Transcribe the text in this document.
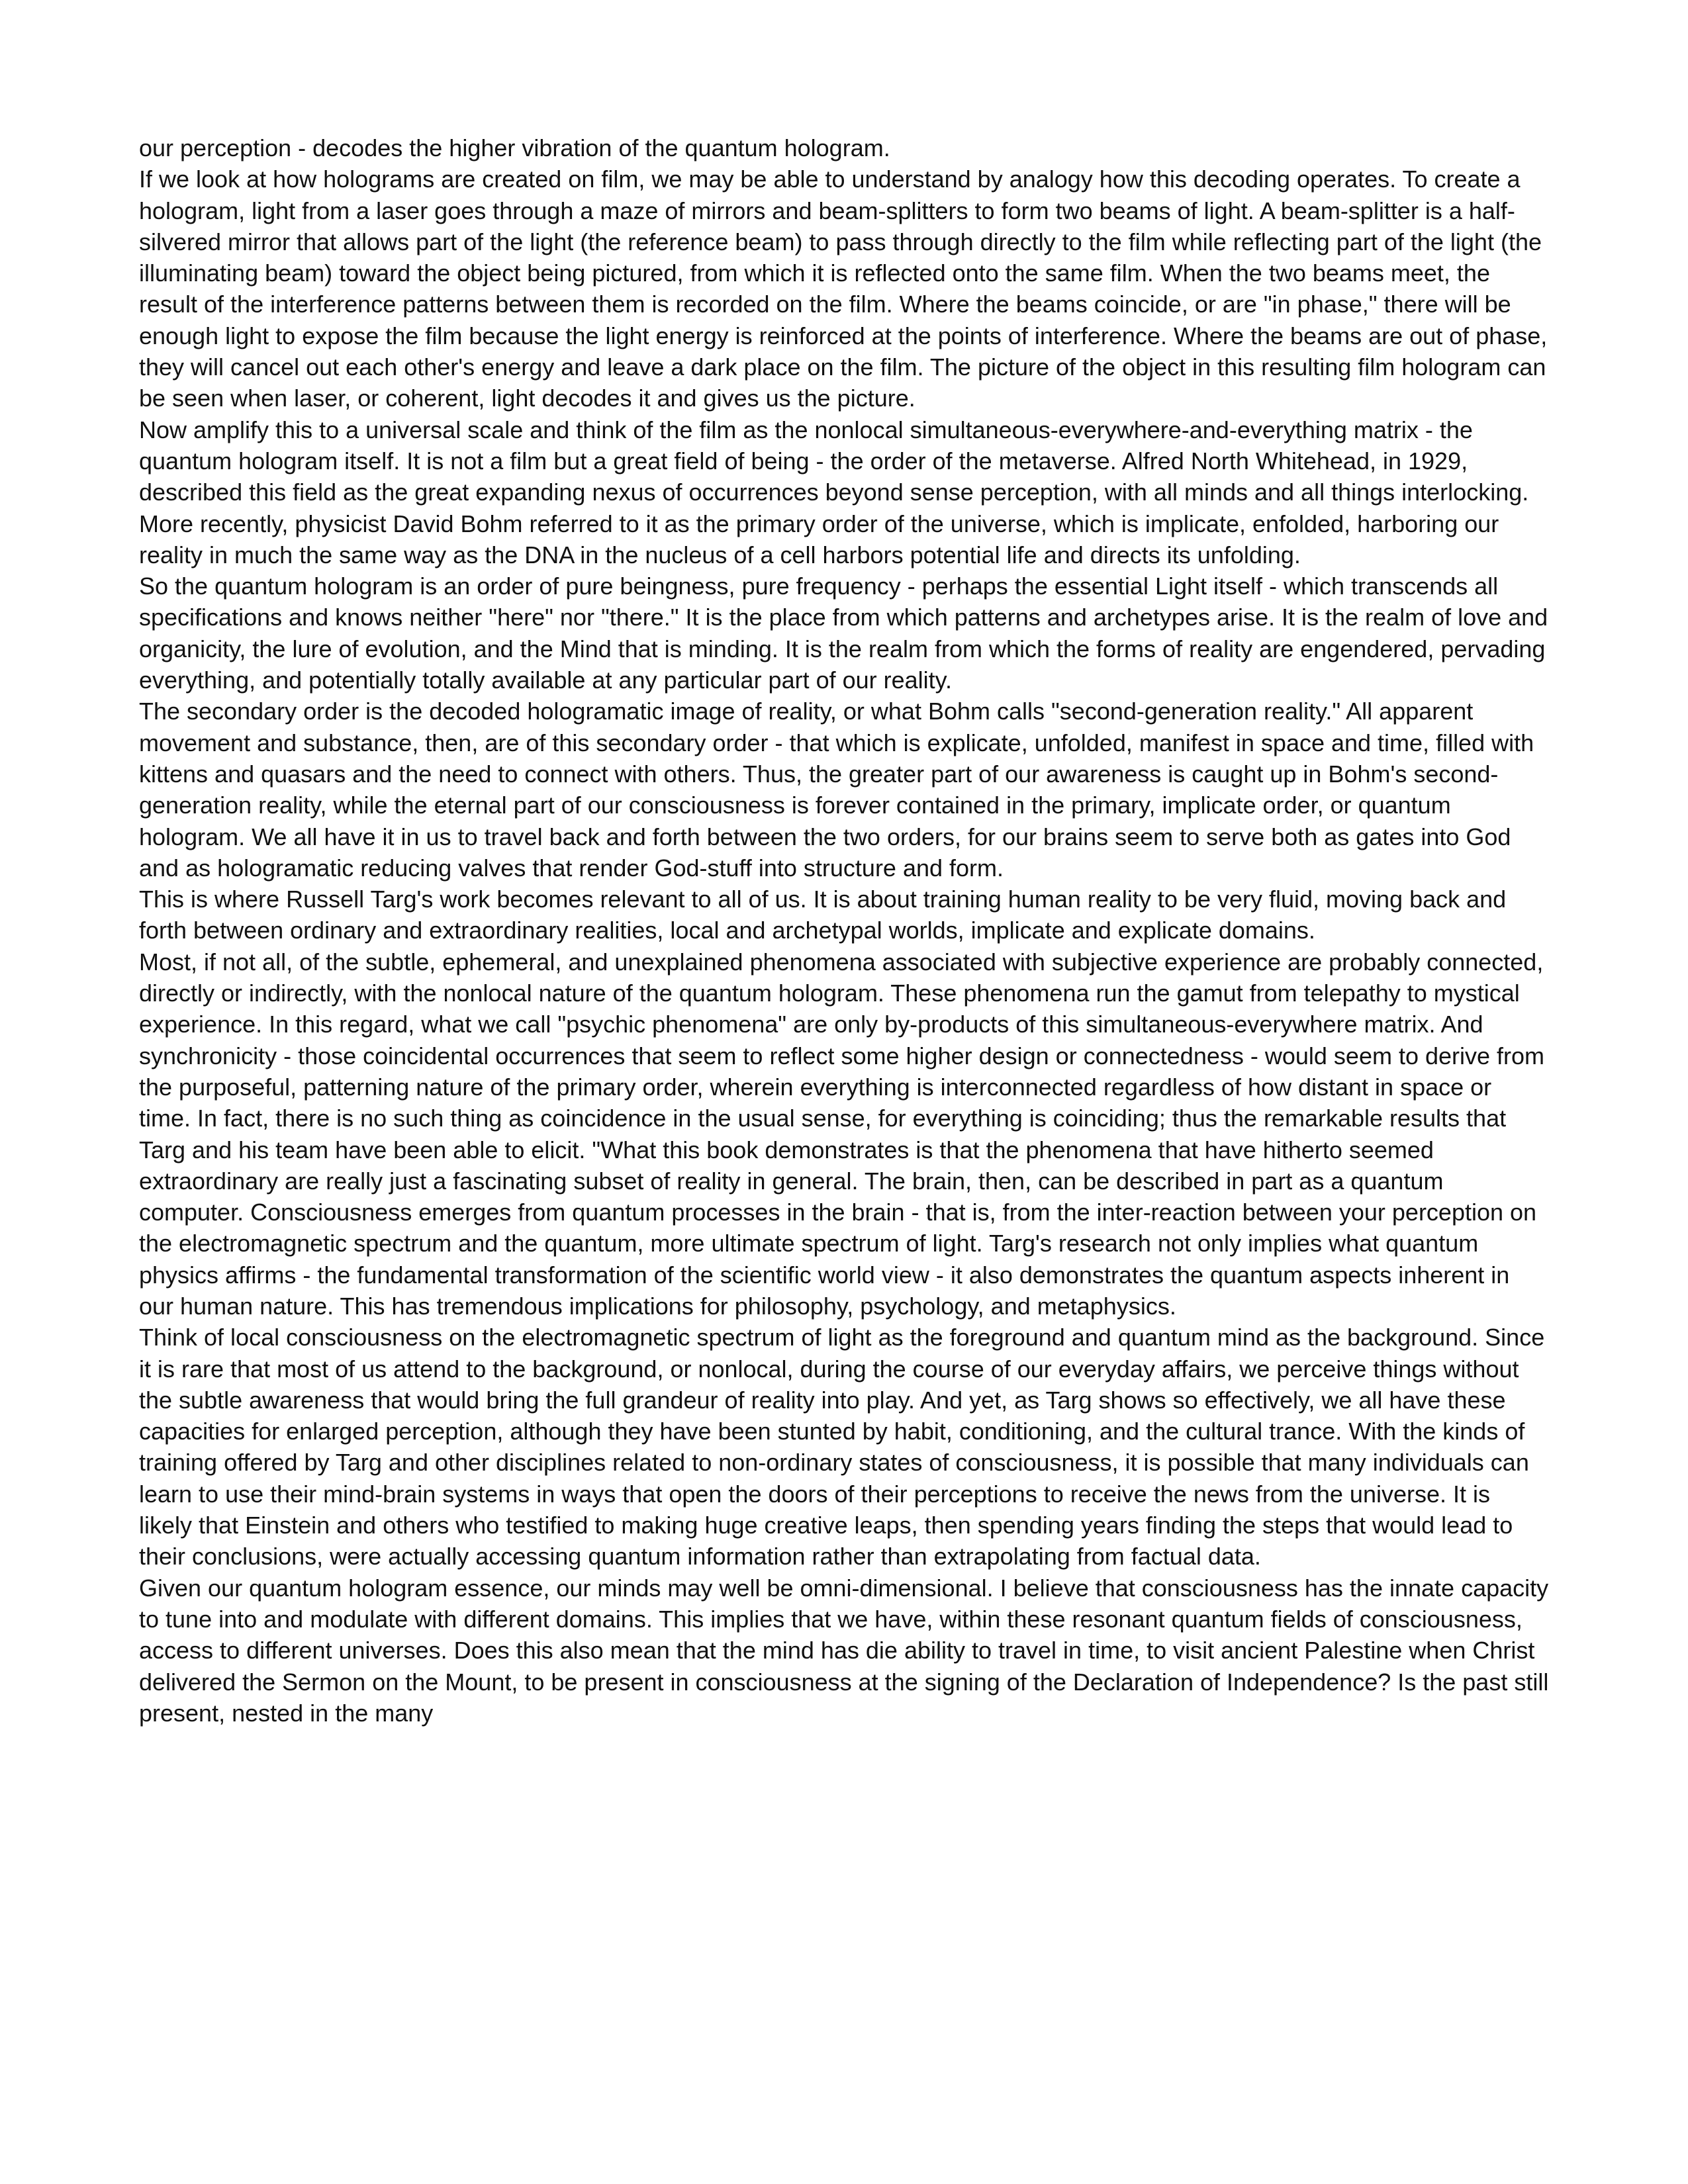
our perception - decodes the higher vibration of the quantum hologram.

If we look at how holograms are created on film, we may be able to understand by analogy how this decoding operates. To create a hologram, light from a laser goes through a maze of mirrors and beam-splitters to form two beams of light. A beam-splitter is a half-silvered mirror that allows part of the light (the reference beam) to pass through directly to the film while reflecting part of the light (the illuminating beam) toward the object being pictured, from which it is reflected onto the same film. When the two beams meet, the result of the interference patterns between them is recorded on the film. Where the beams coincide, or are "in phase," there will be enough light to expose the film because the light energy is reinforced at the points of interference. Where the beams are out of phase, they will cancel out each other's energy and leave a dark place on the film. The picture of the object in this resulting film hologram can be seen when laser, or coherent, light decodes it and gives us the picture.

Now amplify this to a universal scale and think of the film as the nonlocal simultaneous-everywhere-and-everything matrix - the quantum hologram itself. It is not a film but a great field of being - the order of the metaverse. Alfred North Whitehead, in 1929, described this field as the great expanding nexus of occurrences beyond sense perception, with all minds and all things interlocking. More recently, physicist David Bohm referred to it as the primary order of the universe, which is implicate, enfolded, harboring our reality in much the same way as the DNA in the nucleus of a cell harbors potential life and directs its unfolding.

So the quantum hologram is an order of pure beingness, pure frequency - perhaps the essential Light itself - which transcends all specifications and knows neither "here" nor "there." It is the place from which patterns and archetypes arise. It is the realm of love and organicity, the lure of evolution, and the Mind that is minding. It is the realm from which the forms of reality are engendered, pervading everything, and potentially totally available at any particular part of our reality.

The secondary order is the decoded hologramatic image of reality, or what Bohm calls "second-generation reality." All apparent movement and substance, then, are of this secondary order - that which is explicate, unfolded, manifest in space and time, filled with kittens and quasars and the need to connect with others. Thus, the greater part of our awareness is caught up in Bohm's second-generation reality, while the eternal part of our consciousness is forever contained in the primary, implicate order, or quantum hologram. We all have it in us to travel back and forth between the two orders, for our brains seem to serve both as gates into God and as hologramatic reducing valves that render God-stuff into structure and form.

This is where Russell Targ's work becomes relevant to all of us. It is about training human reality to be very fluid, moving back and forth between ordinary and extraordinary realities, local and archetypal worlds, implicate and explicate domains.

Most, if not all, of the subtle, ephemeral, and unexplained phenomena associated with subjective experience are probably connected, directly or indirectly, with the nonlocal nature of the quantum hologram. These phenomena run the gamut from telepathy to mystical experience. In this regard, what we call "psychic phenomena" are only by-products of this simultaneous-everywhere matrix. And synchronicity - those coincidental occurrences that seem to reflect some higher design or connectedness - would seem to derive from the purposeful, patterning nature of the primary order, wherein everything is interconnected regardless of how distant in space or time. In fact, there is no such thing as coincidence in the usual sense, for everything is coinciding; thus the remarkable results that Targ and his team have been able to elicit. "What this book demonstrates is that the phenomena that have hitherto seemed extraordinary are really just a fascinating subset of reality in general. The brain, then, can be described in part as a quantum computer. Consciousness emerges from quantum processes in the brain - that is, from the inter-reaction between your perception on the electromagnetic spectrum and the quantum, more ultimate spectrum of light. Targ's research not only implies what quantum physics affirms - the fundamental transformation of the scientific world view - it also demonstrates the quantum aspects inherent in our human nature. This has tremendous implications for philosophy, psychology, and metaphysics.

Think of local consciousness on the electromagnetic spectrum of light as the foreground and quantum mind as the background. Since it is rare that most of us attend to the background, or nonlocal, during the course of our everyday affairs, we perceive things without the subtle awareness that would bring the full grandeur of reality into play. And yet, as Targ shows so effectively, we all have these capacities for enlarged perception, although they have been stunted by habit, conditioning, and the cultural trance. With the kinds of training offered by Targ and other disciplines related to non-ordinary states of consciousness, it is possible that many individuals can learn to use their mind-brain systems in ways that open the doors of their perceptions to receive the news from the universe. It is likely that Einstein and others who testified to making huge creative leaps, then spending years finding the steps that would lead to their conclusions, were actually accessing quantum information rather than extrapolating from factual data.

Given our quantum hologram essence, our minds may well be omni-dimensional. I believe that consciousness has the innate capacity to tune into and modulate with different domains. This implies that we have, within these resonant quantum fields of consciousness, access to different universes. Does this also mean that the mind has die ability to travel in time, to visit ancient Palestine when Christ delivered the Sermon on the Mount, to be present in consciousness at the signing of the Declaration of Independence? Is the past still present, nested in the many
